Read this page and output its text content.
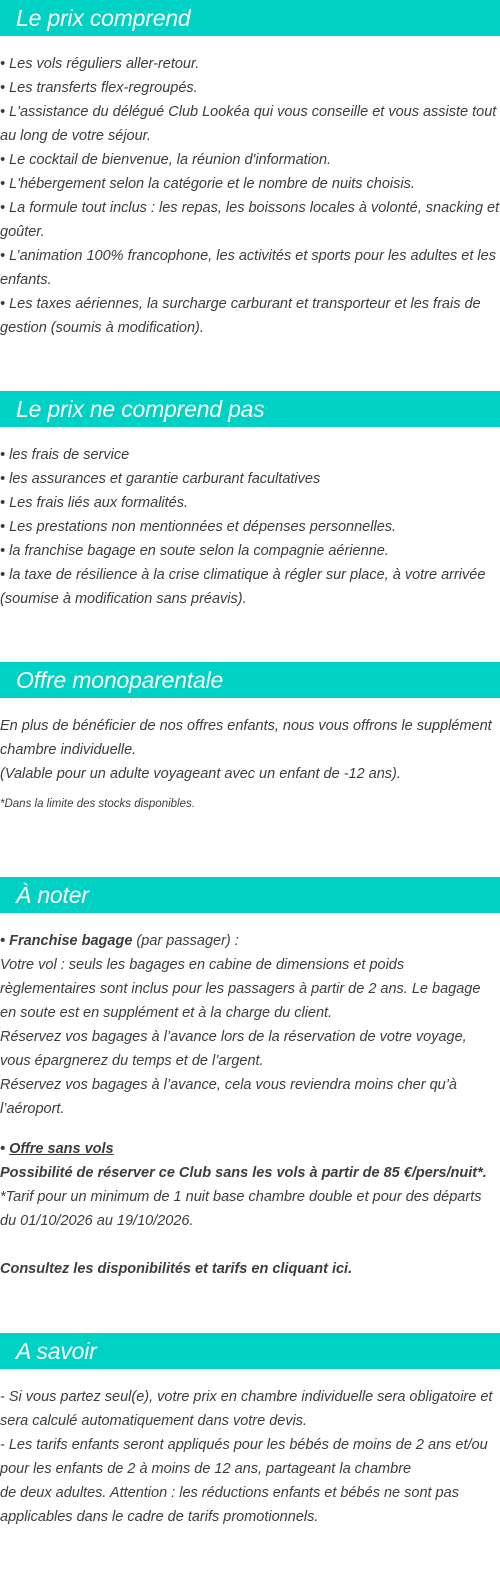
Le prix comprend
• Les vols réguliers aller-retour.
• Les transferts flex-regroupés.
• L'assistance du délégué Club Lookéa qui vous conseille et vous assiste tout au long de votre séjour.
• Le cocktail de bienvenue, la réunion d'information.
• L'hébergement selon la catégorie et le nombre de nuits choisis.
• La formule tout inclus : les repas, les boissons locales à volonté, snacking et goûter.
• L’animation 100% francophone, les activités et sports pour les adultes et les enfants.
• Les taxes aériennes, la surcharge carburant et transporteur et les frais de gestion (soumis à modification).
Le prix ne comprend pas
• les frais de service
• les assurances et garantie carburant facultatives
• Les frais liés aux formalités.
• Les prestations non mentionnées et dépenses personnelles.
• la franchise bagage en soute selon la compagnie aérienne.
• la taxe de résilience à la crise climatique à régler sur place, à votre arrivée (soumise à modification sans préavis).
Offre monoparentale

En plus de bénéficier de nos offres enfants, nous vous offrons le supplément chambre individuelle.

(Valable pour un adulte voyageant avec un enfant de -12 ans).

*Dans la limite des stocks disponibles.

À noter

• Franchise bagage (par passager) :

Votre vol : seuls les bagages en cabine de dimensions et poids règlementaires sont inclus pour les passagers à partir de 2 ans. Le bagage en soute est en supplément et à la charge du client.

Réservez vos bagages à l’avance lors de la réservation de votre voyage, vous épargnerez du temps et de l’argent.

Réservez vos bagages à l’avance, cela vous reviendra moins cher qu’à l’aéroport.

• Offre sans vols

Possibilité de réserver ce Club sans les vols à partir de 85 €/pers/nuit*.

*Tarif pour un minimum de 1 nuit base chambre double et pour des départs du 01/10/2026 au 19/10/2026.

Consultez les disponibilités et tarifs en cliquant ici.

A savoir

- Si vous partez seul(e), votre prix en chambre individuelle sera obligatoire et sera calculé automatiquement dans votre devis.

- Les tarifs enfants seront appliqués pour les bébés de moins de 2 ans et/ou pour les enfants de 2 à moins de 12 ans, partageant la chambre

de deux adultes. Attention : les réductions enfants et bébés ne sont pas applicables dans le cadre de tarifs promotionnels.
